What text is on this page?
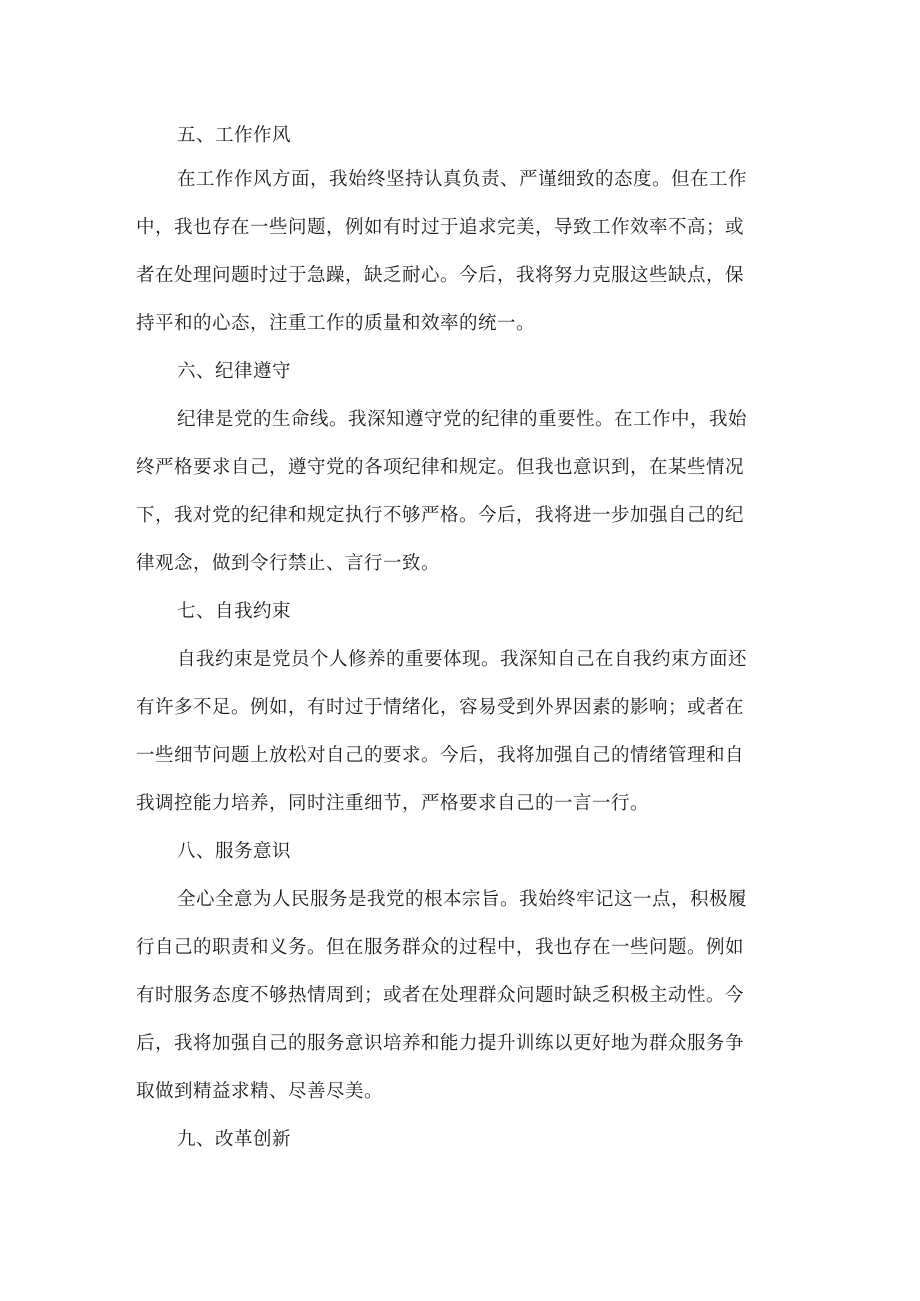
五、工作作风
在工作作风方面，我始终坚持认真负责、严谨细致的态度。但在工作
中，我也存在一些问题，例如有时过于追求完美，导致工作效率不高；或
者在处理问题时过于急躁，缺乏耐心。今后，我将努力克服这些缺点，保
持平和的心态，注重工作的质量和效率的统一。
六、纪律遵守
纪律是党的生命线。我深知遵守党的纪律的重要性。在工作中，我始
终严格要求自己，遵守党的各项纪律和规定。但我也意识到，在某些情况
下，我对党的纪律和规定执行不够严格。今后，我将进一步加强自己的纪
律观念，做到令行禁止、言行一致。
七、自我约束
自我约束是党员个人修养的重要体现。我深知自己在自我约束方面还
有许多不足。例如，有时过于情绪化，容易受到外界因素的影响；或者在
一些细节问题上放松对自己的要求。今后，我将加强自己的情绪管理和自
我调控能力培养，同时注重细节，严格要求自己的一言一行。
八、服务意识
全心全意为人民服务是我党的根本宗旨。我始终牢记这一点，积极履
行自己的职责和义务。但在服务群众的过程中，我也存在一些问题。例如
有时服务态度不够热情周到；或者在处理群众问题时缺乏积极主动性。今
后，我将加强自己的服务意识培养和能力提升训练以更好地为群众服务争
取做到精益求精、尽善尽美。
九、改革创新
